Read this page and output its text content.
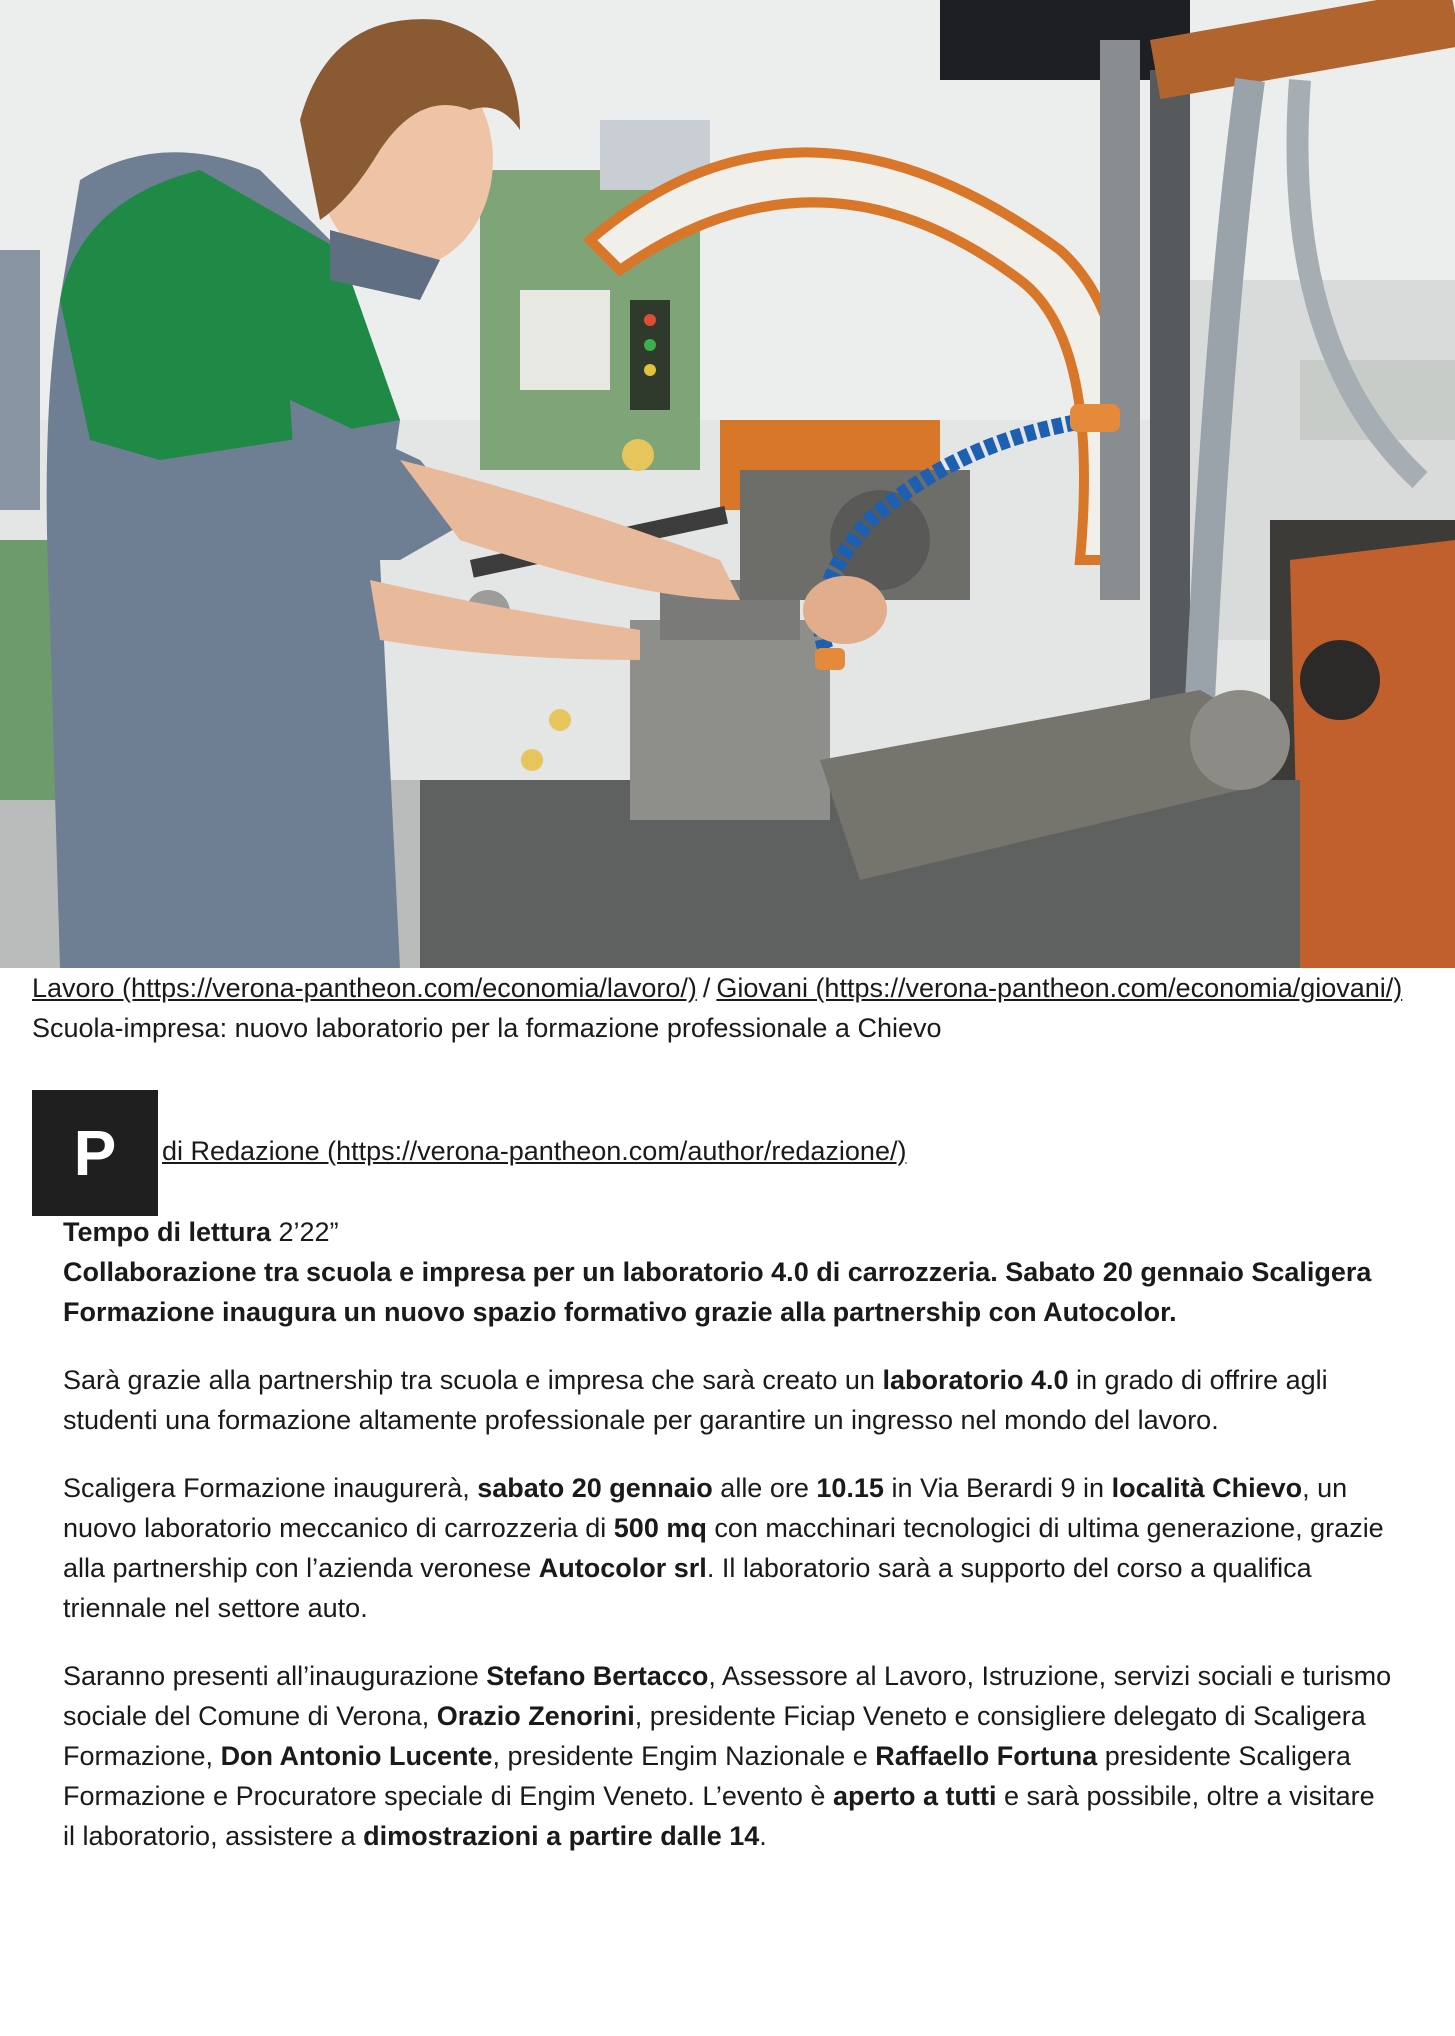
Lavoro (https://verona-pantheon.com/economia/lavoro/) / Giovani (https://verona-pantheon.com/economia/giovani/)
Scuola-impresa: nuovo laboratorio per la formazione professionale a Chievo
P	di Redazione (https://verona-pantheon.com/author/redazione/)
Tempo di lettura 2’22”

Collaborazione tra scuola e impresa per un laboratorio 4.0 di carrozzeria. Sabato 20 gennaio Scaligera Formazione inaugura un nuovo spazio formativo grazie alla partnership con Autocolor.

Sarà grazie alla partnership tra scuola e impresa che sarà creato un laboratorio 4.0 in grado di offrire agli studenti una formazione altamente professionale per garantire un ingresso nel mondo del lavoro.

Scaligera Formazione inaugurerà, sabato 20 gennaio alle ore 10.15 in Via Berardi 9 in località Chievo, un nuovo laboratorio meccanico di carrozzeria di 500 mq con macchinari tecnologici di ultima generazione, grazie alla partnership con l’azienda veronese Autocolor srl. Il laboratorio sarà a supporto del corso a qualifica triennale nel settore auto.

Saranno presenti all’inaugurazione Stefano Bertacco, Assessore al Lavoro, Istruzione, servizi sociali e turismo sociale del Comune di Verona, Orazio Zenorini, presidente Ficiap Veneto e consigliere delegato di Scaligera Formazione, Don Antonio Lucente, presidente Engim Nazionale e Raffaello Fortuna presidente Scaligera Formazione e Procuratore speciale di Engim Veneto. L’evento è aperto a tutti e sarà possibile, oltre a visitare il laboratorio, assistere a dimostrazioni a partire dalle 14.
